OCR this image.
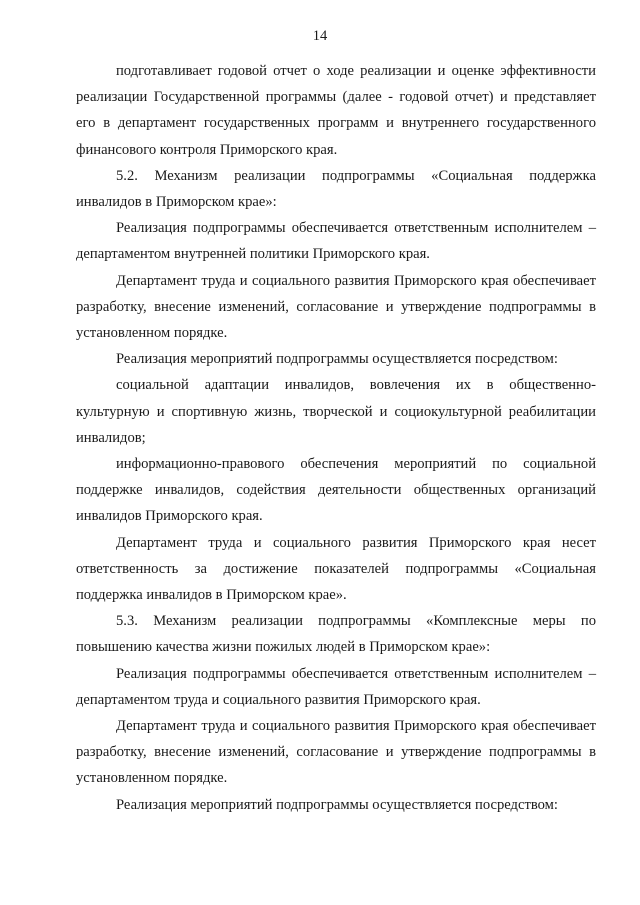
14

подготавливает годовой отчет о ходе реализации и оценке эффективности реализации Государственной программы (далее - годовой отчет) и представляет его в департамент государственных программ и внутреннего государственного финансового контроля Приморского края.

5.2. Механизм реализации подпрограммы «Социальная поддержка инвалидов в Приморском крае»:

Реализация подпрограммы обеспечивается ответственным исполнителем – департаментом внутренней политики Приморского края.

Департамент труда и социального развития Приморского края обеспечивает разработку, внесение изменений, согласование и утверждение подпрограммы в установленном порядке.

Реализация мероприятий подпрограммы осуществляется посредством:

социальной адаптации инвалидов, вовлечения их в общественно-культурную и спортивную жизнь, творческой и социокультурной реабилитации инвалидов;

информационно-правового обеспечения мероприятий по социальной поддержке инвалидов, содействия деятельности общественных организаций инвалидов Приморского края.

Департамент труда и социального развития Приморского края несет ответственность за достижение показателей подпрограммы «Социальная поддержка инвалидов в Приморском крае».

5.3. Механизм реализации подпрограммы «Комплексные меры по повышению качества жизни пожилых людей в Приморском крае»:

Реализация подпрограммы обеспечивается ответственным исполнителем – департаментом труда и социального развития Приморского края.

Департамент труда и социального развития Приморского края обеспечивает разработку, внесение изменений, согласование и утверждение подпрограммы в установленном порядке.

Реализация мероприятий подпрограммы осуществляется посредством:
